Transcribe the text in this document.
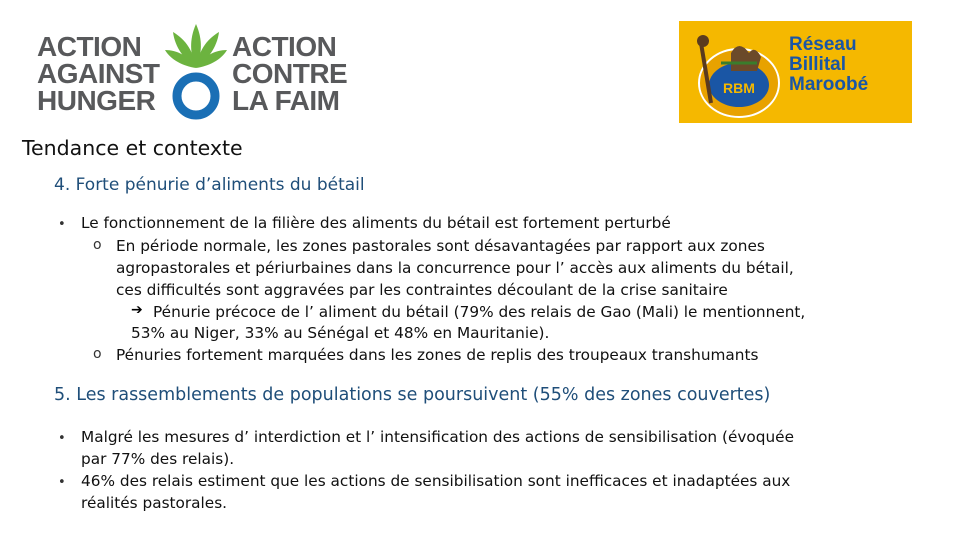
ACTION
AGAINST
HUNGER
ACTION
CONTRE
LA FAIM	RBM
Réseau
Billital
Maroobé
Tendance et contexte
4. Forte pénurie d’aliments du bétail
• Le fonctionnement de la filière des aliments du bétail est fortement perturbé
o En période normale, les zones pastorales sont désavantagées par rapport aux zones
agropastorales et périurbaines dans la concurrence pour l’ accès aux aliments du bétail,
ces difficultés sont aggravées par les contraintes découlant de la crise sanitaire
➔ Pénurie précoce de l’ aliment du bétail (79% des relais de Gao (Mali) le mentionnent,
53% au Niger, 33% au Sénégal et 48% en Mauritanie).
o Pénuries fortement marquées dans les zones de replis des troupeaux transhumants
5. Les rassemblements de populations se poursuivent (55% des zones couvertes)
• Malgré les mesures d’ interdiction et l’ intensification des actions de sensibilisation (évoquée
par 77% des relais).
• 46% des relais estiment que les actions de sensibilisation sont inefficaces et inadaptées aux
réalités pastorales.
